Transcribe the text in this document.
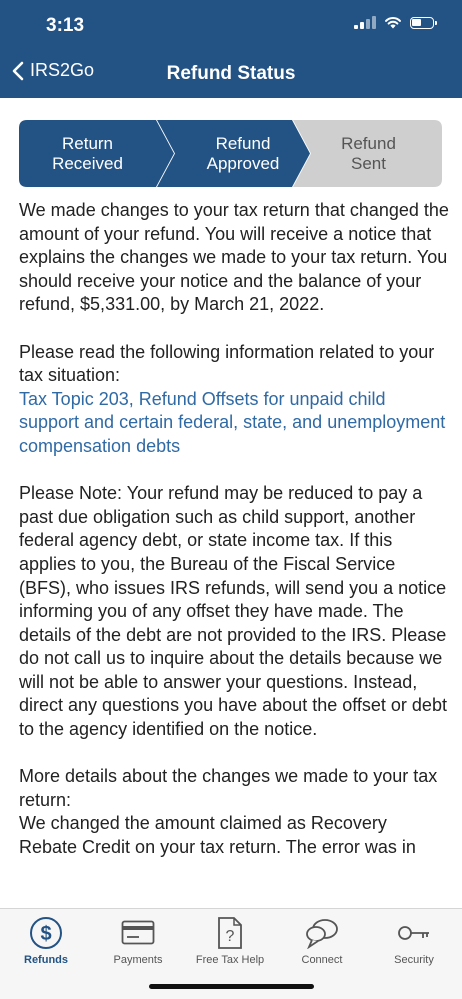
3:13
IRS2Go	Refund Status
Return
Received
Refund
Approved
Refund
Sent

We made changes to your tax return that changed the amount of your refund. You will receive a notice that explains the changes we made to your tax return. You should receive your notice and the balance of your refund, $5,331.00, by March 21, 2022.

Please read the following information related to your tax situation:

Tax Topic 203, Refund Offsets for unpaid child support and certain federal, state, and unemployment compensation debts

Please Note: Your refund may be reduced to pay a past due obligation such as child support, another federal agency debt, or state income tax. If this applies to you, the Bureau of the Fiscal Service (BFS), who issues IRS refunds, will send you a notice informing you of any offset they have made. The details of the debt are not provided to the IRS. Please do not call us to inquire about the details because we will not be able to answer your questions. Instead, direct any questions you have about the offset or debt to the agency identified on the notice.

More details about the changes we made to your tax return:

We changed the amount claimed as Recovery Rebate Credit on your tax return. The error was in

$
Refunds	Payments
?
Free Tax Help	Connect	Security
